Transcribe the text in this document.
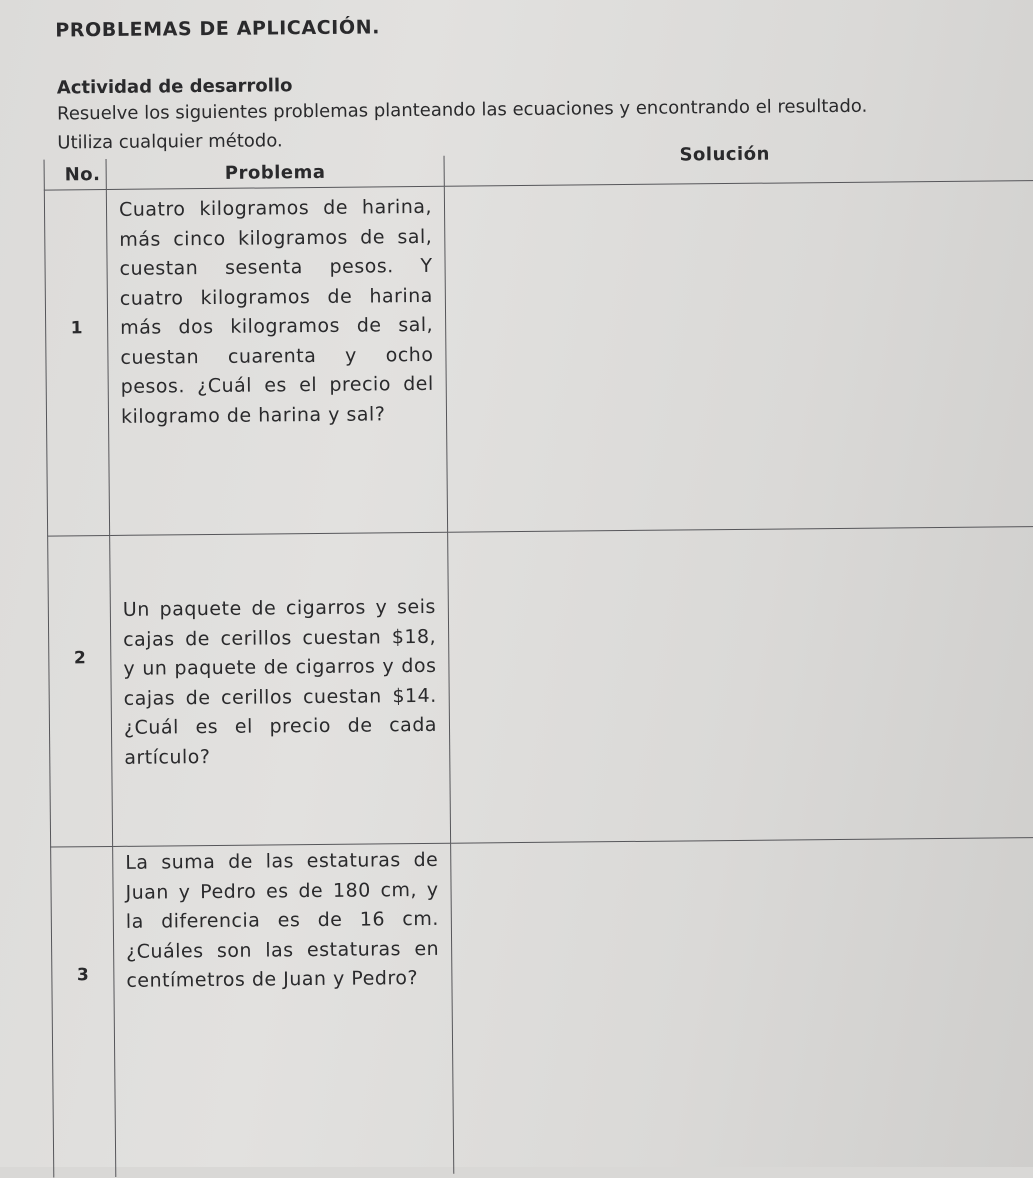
PROBLEMAS DE APLICACIÓN.
Actividad de desarrollo
Resuelve los siguientes problemas planteando las ecuaciones y encontrando el resultado.
Utiliza cualquier método.
No.	Problema	Solución

1	Cuatro kilogramos de harina, más cinco kilogramos de sal, cuestan sesenta pesos. Y cuatro kilogramos de harina más dos kilogramos de sal, cuestan cuarenta y ocho pesos. ¿Cuál es el precio del kilogramo de harina y sal?	

2	Un paquete de cigarros y seis cajas de cerillos cuestan $18, y un paquete de cigarros y dos cajas de cerillos cuestan $14. ¿Cuál es el precio de cada artículo?	

3	La suma de las estaturas de Juan y Pedro es de 180 cm, y la diferencia es de 16 cm. ¿Cuáles son las estaturas en centímetros de Juan y Pedro?	
